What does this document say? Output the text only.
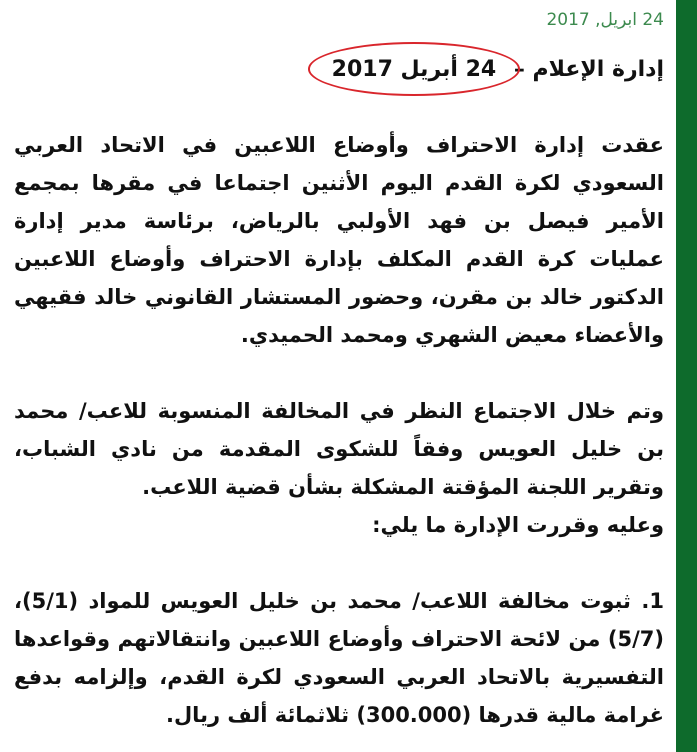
24 ابريل, 2017
إدارة الإعلام –
24 أبريل 2017

عقدت إدارة الاحتراف وأوضاع اللاعبين في الاتحاد العربي السعودي لكرة القدم اليوم الأثنين اجتماعا في مقرها بمجمع الأمير فيصل بن فهد الأولبي بالرياض، برئاسة مدير إدارة عمليات كرة القدم المكلف بإدارة الاحتراف وأوضاع اللاعبين الدكتور خالد بن مقرن، وحضور المستشار القانوني خالد فقيهي والأعضاء معيض الشهري ومحمد الحميدي.

وتم خلال الاجتماع النظر في المخالفة المنسوبة للاعب/ محمد بن خليل العويس وفقاً للشكوى المقدمة من نادي الشباب، وتقرير اللجنة المؤقتة المشكلة بشأن قضية اللاعب.

وعليه وقررت الإدارة ما يلي:

1. ثبوت مخالفة اللاعب/ محمد بن خليل العويس للمواد (5/1)، (5/7) من لائحة الاحتراف وأوضاع اللاعبين وانتقالاتهم وقواعدها التفسيرية بالاتحاد العربي السعودي لكرة القدم، وإلزامه بدفع غرامة مالية قدرها (300.000) ثلاثمائة ألف ريال.
